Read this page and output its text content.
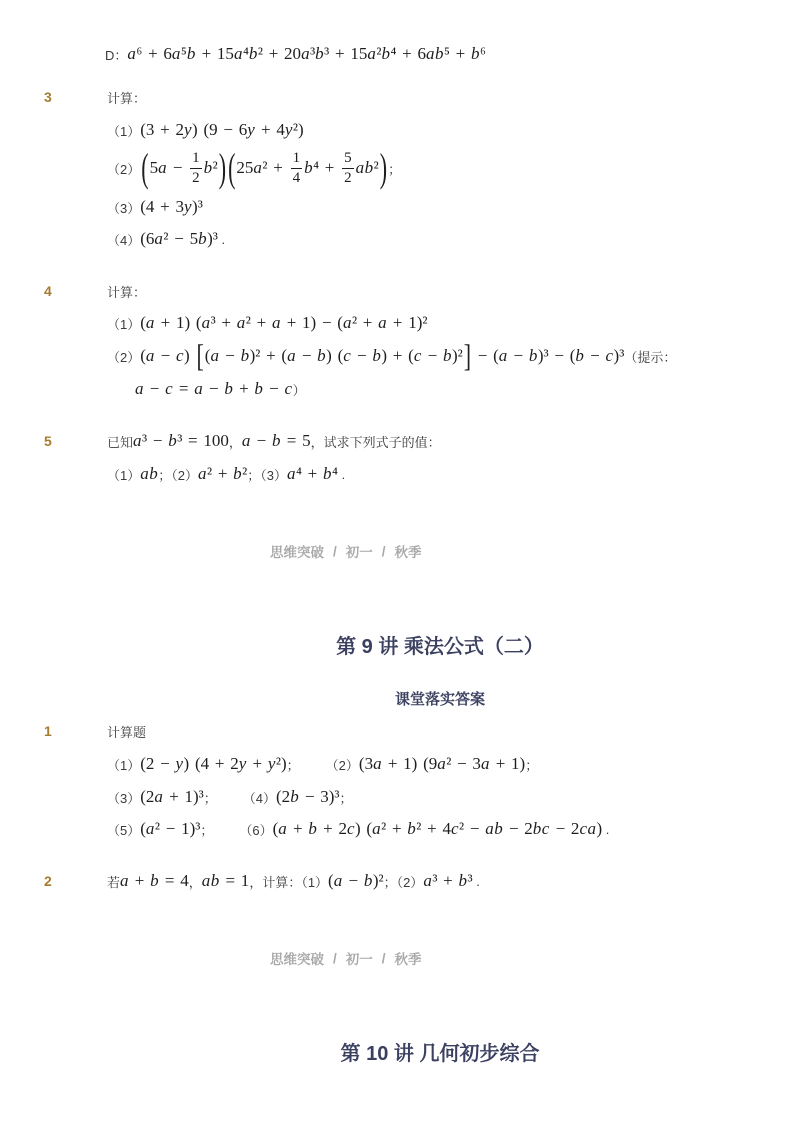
D： a⁶ + 6a⁵b + 15a⁴b² + 20a³b³ + 15a²b⁴ + 6ab⁵ + b⁶
3	计算：
（1） (3 + 2y) (9 − 6y + 4y²)
（2） ( $5a - \frac{1}{2} b^2$ ) ( $25a^2 + \frac{1}{4} b^4 + \frac{5}{2} ab^2$ ) ；
（3） (4 + 3y)³
（4） (6a² − 5b)³ .
4	计算：
（1） (a + 1) (a³ + a² + a + 1) − (a² + a + 1)²
（2） (a − c) [ (a − b)² + (a − b) (c − b) + (c − b)² ] − (a − b)³ − (b − c)³ （提示：
a − c = a − b + b − c ）
5	已知 a³ − b³ = 100 ， a − b = 5 ，试求下列式子的值：
（1） ab ；（2） a² + b² ；（3） a⁴ + b⁴ .
思维突破 / 初一 / 秋季
第 9 讲 乘法公式（二）
课堂落实答案
1	计算题
（1） (2 − y) (4 + 2y + y²) ； （2） (3a + 1) (9a² − 3a + 1) ；
（3） (2a + 1)³ ； （4） (2b − 3)³ ；
（5） (a² − 1)³ ； （6） (a + b + 2c) (a² + b² + 4c² − ab − 2bc − 2ca) .
2	若 a + b = 4 ， ab = 1 ，计算：（1） (a − b)² ；（2） a³ + b³ .
思维突破 / 初一 / 秋季
第 10 讲 几何初步综合
